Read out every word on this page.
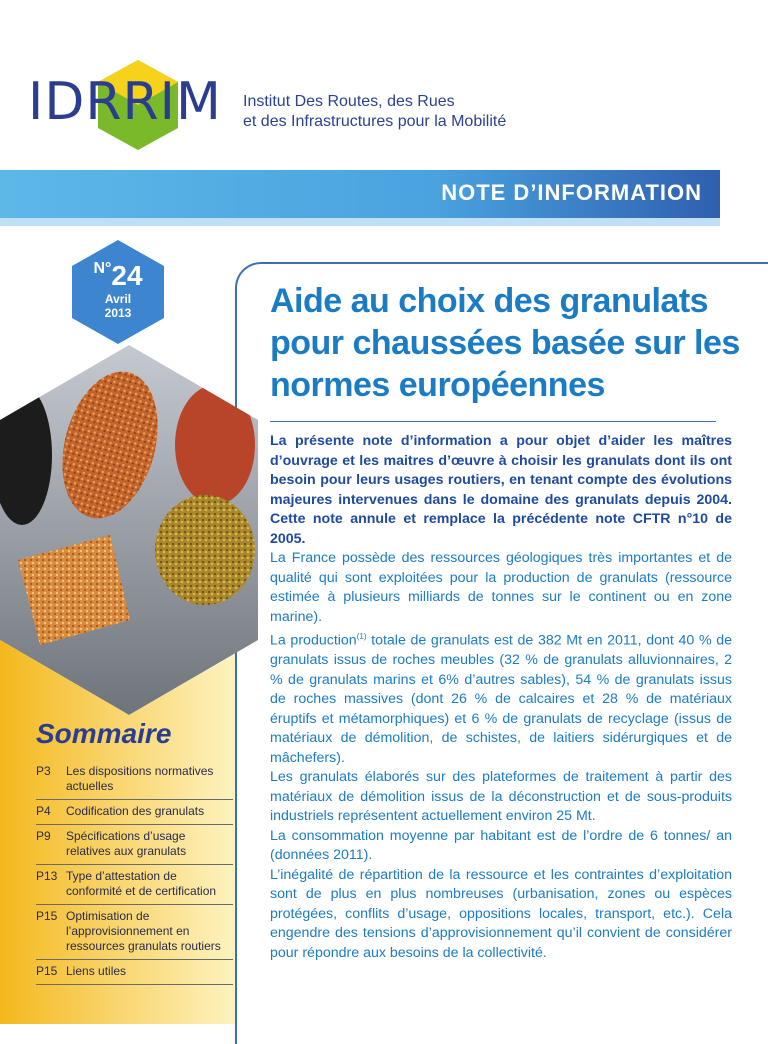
IDRRIM Institut Des Routes, des Rues
et des Infrastructures pour la Mobilité
NOTE D’INFORMATION
N°24
Avril
2013	Aide au choix des granulats pour chaussées basée sur les normes européennes

La présente note d’information a pour objet d’aider les maîtres d’ouvrage et les maitres d’œuvre à choisir les granulats dont ils ont besoin pour leurs usages routiers, en tenant compte des évolutions majeures intervenues dans le domaine des granulats depuis 2004. Cette note annule et remplace la précédente note CFTR n°10 de 2005.

La France possède des ressources géologiques très importantes et de qualité qui sont exploitées pour la production de granulats (ressource estimée à plusieurs milliards de tonnes sur le continent ou en zone marine).

La production$^{(1)}$ totale de granulats est de 382 Mt en 2011, dont 40 % de granulats issus de roches meubles (32 % de granulats alluvionnaires, 2 % de granulats marins et 6% d’autres sables), 54 % de granulats issus de roches massives (dont 26 % de calcaires et 28 % de matériaux éruptifs et métamorphiques) et 6 % de granulats de recyclage (issus de matériaux de démolition, de schistes, de laitiers sidérurgiques et de mâchefers).

Les granulats élaborés sur des plateformes de traitement à partir des matériaux de démolition issus de la déconstruction et de sous-produits industriels représentent actuellement environ 25 Mt.

La consommation moyenne par habitant est de l’ordre de 6 tonnes/ an (données 2011).

L’inégalité de répartition de la ressource et les contraintes d’exploitation sont de plus en plus nombreuses (urbanisation, zones ou espèces protégées, conflits d’usage, oppositions locales, transport, etc.). Cela engendre des tensions d’approvisionnement qu’il convient de considérer pour répondre aux besoins de la collectivité.

Sommaire
P3	Les dispositions normatives actuelles
P4	Codification des granulats
P9	Spécifications d’usage relatives aux granulats
P13 Type d’attestation de conformité et de certification
P15 Optimisation de l’approvisionnement en ressources granulats routiers
P15 Liens utiles
